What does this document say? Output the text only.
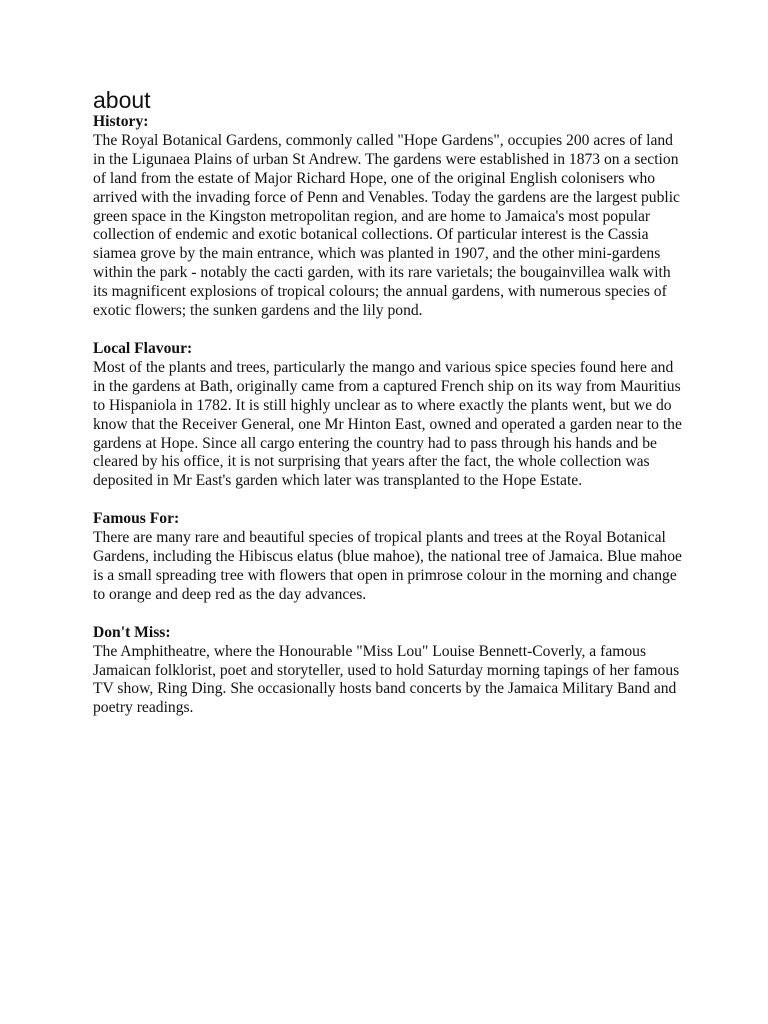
about
History:
The Royal Botanical Gardens, commonly called "Hope Gardens", occupies 200 acres of land in the Ligunaea Plains of urban St Andrew. The gardens were established in 1873 on a section of land from the estate of Major Richard Hope, one of the original English colonisers who arrived with the invading force of Penn and Venables. Today the gardens are the largest public green space in the Kingston metropolitan region, and are home to Jamaica's most popular collection of endemic and exotic botanical collections. Of particular interest is the Cassia siamea grove by the main entrance, which was planted in 1907, and the other mini-gardens within the park - notably the cacti garden, with its rare varietals; the bougainvillea walk with its magnificent explosions of tropical colours; the annual gardens, with numerous species of exotic flowers; the sunken gardens and the lily pond.
Local Flavour:
Most of the plants and trees, particularly the mango and various spice species found here and in the gardens at Bath, originally came from a captured French ship on its way from Mauritius to Hispaniola in 1782. It is still highly unclear as to where exactly the plants went, but we do know that the Receiver General, one Mr Hinton East, owned and operated a garden near to the gardens at Hope. Since all cargo entering the country had to pass through his hands and be cleared by his office, it is not surprising that years after the fact, the whole collection was deposited in Mr East's garden which later was transplanted to the Hope Estate.
Famous For:
There are many rare and beautiful species of tropical plants and trees at the Royal Botanical Gardens, including the Hibiscus elatus (blue mahoe), the national tree of Jamaica. Blue mahoe is a small spreading tree with flowers that open in primrose colour in the morning and change to orange and deep red as the day advances.
Don't Miss:
The Amphitheatre, where the Honourable "Miss Lou" Louise Bennett-Coverly, a famous Jamaican folklorist, poet and storyteller, used to hold Saturday morning tapings of her famous TV show, Ring Ding. She occasionally hosts band concerts by the Jamaica Military Band and poetry readings.
